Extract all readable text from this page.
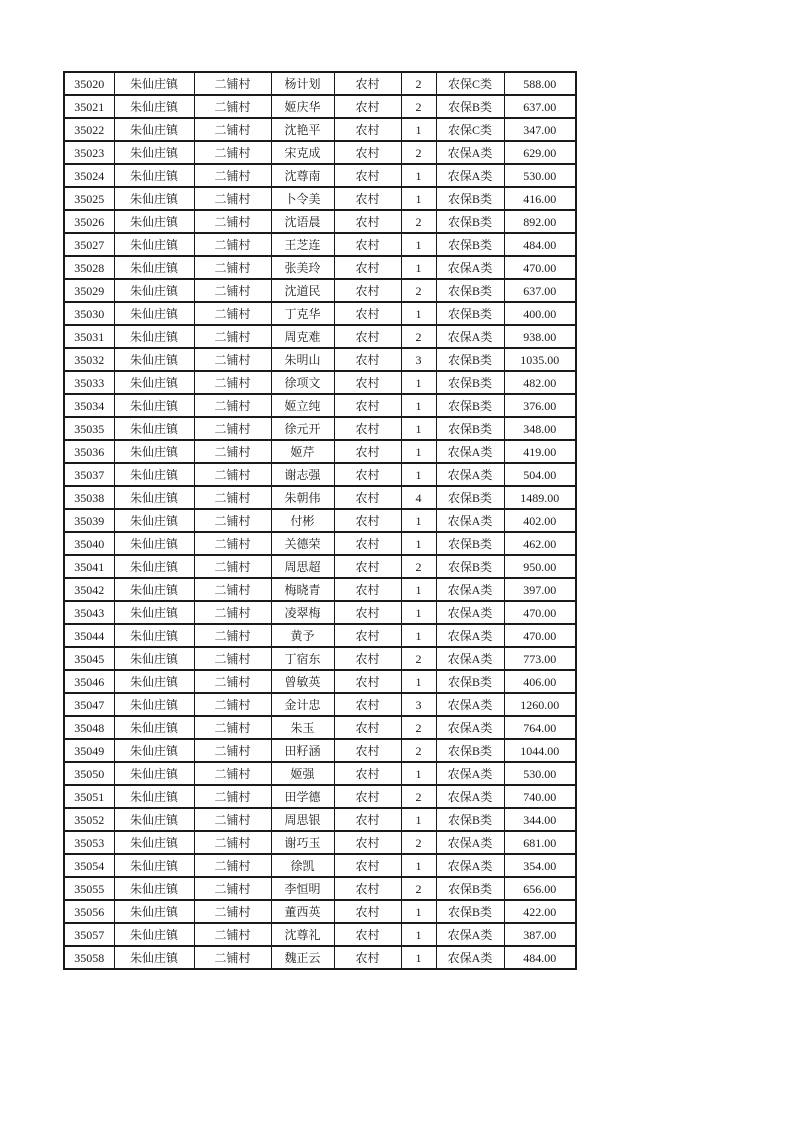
35020	朱仙庄镇	二铺村	杨计划	农村	2	农保C类	588.00
35021	朱仙庄镇	二铺村	姬庆华	农村	2	农保B类	637.00
35022	朱仙庄镇	二铺村	沈艳平	农村	1	农保C类	347.00
35023	朱仙庄镇	二铺村	宋克成	农村	2	农保A类	629.00
35024	朱仙庄镇	二铺村	沈尊南	农村	1	农保A类	530.00
35025	朱仙庄镇	二铺村	卜令美	农村	1	农保B类	416.00
35026	朱仙庄镇	二铺村	沈语晨	农村	2	农保B类	892.00
35027	朱仙庄镇	二铺村	王芝连	农村	1	农保B类	484.00
35028	朱仙庄镇	二铺村	张美玲	农村	1	农保A类	470.00
35029	朱仙庄镇	二铺村	沈道民	农村	2	农保B类	637.00
35030	朱仙庄镇	二铺村	丁克华	农村	1	农保B类	400.00
35031	朱仙庄镇	二铺村	周克难	农村	2	农保A类	938.00
35032	朱仙庄镇	二铺村	朱明山	农村	3	农保B类	1035.00
35033	朱仙庄镇	二铺村	徐项文	农村	1	农保B类	482.00
35034	朱仙庄镇	二铺村	姬立纯	农村	1	农保B类	376.00
35035	朱仙庄镇	二铺村	徐元开	农村	1	农保B类	348.00
35036	朱仙庄镇	二铺村	姬芹	农村	1	农保A类	419.00
35037	朱仙庄镇	二铺村	谢志强	农村	1	农保A类	504.00
35038	朱仙庄镇	二铺村	朱朝伟	农村	4	农保B类	1489.00
35039	朱仙庄镇	二铺村	付彬	农村	1	农保A类	402.00
35040	朱仙庄镇	二铺村	关德荣	农村	1	农保B类	462.00
35041	朱仙庄镇	二铺村	周思超	农村	2	农保B类	950.00
35042	朱仙庄镇	二铺村	梅晓青	农村	1	农保A类	397.00
35043	朱仙庄镇	二铺村	凌翠梅	农村	1	农保A类	470.00
35044	朱仙庄镇	二铺村	黄予	农村	1	农保A类	470.00
35045	朱仙庄镇	二铺村	丁宿东	农村	2	农保A类	773.00
35046	朱仙庄镇	二铺村	曾敏英	农村	1	农保B类	406.00
35047	朱仙庄镇	二铺村	金计忠	农村	3	农保A类	1260.00
35048	朱仙庄镇	二铺村	朱玉	农村	2	农保A类	764.00
35049	朱仙庄镇	二铺村	田籽涵	农村	2	农保B类	1044.00
35050	朱仙庄镇	二铺村	姬强	农村	1	农保A类	530.00
35051	朱仙庄镇	二铺村	田学德	农村	2	农保A类	740.00
35052	朱仙庄镇	二铺村	周思银	农村	1	农保B类	344.00
35053	朱仙庄镇	二铺村	谢巧玉	农村	2	农保A类	681.00
35054	朱仙庄镇	二铺村	徐凯	农村	1	农保A类	354.00
35055	朱仙庄镇	二铺村	李恒明	农村	2	农保B类	656.00
35056	朱仙庄镇	二铺村	董西英	农村	1	农保B类	422.00
35057	朱仙庄镇	二铺村	沈尊礼	农村	1	农保A类	387.00
35058	朱仙庄镇	二铺村	魏正云	农村	1	农保A类	484.00
